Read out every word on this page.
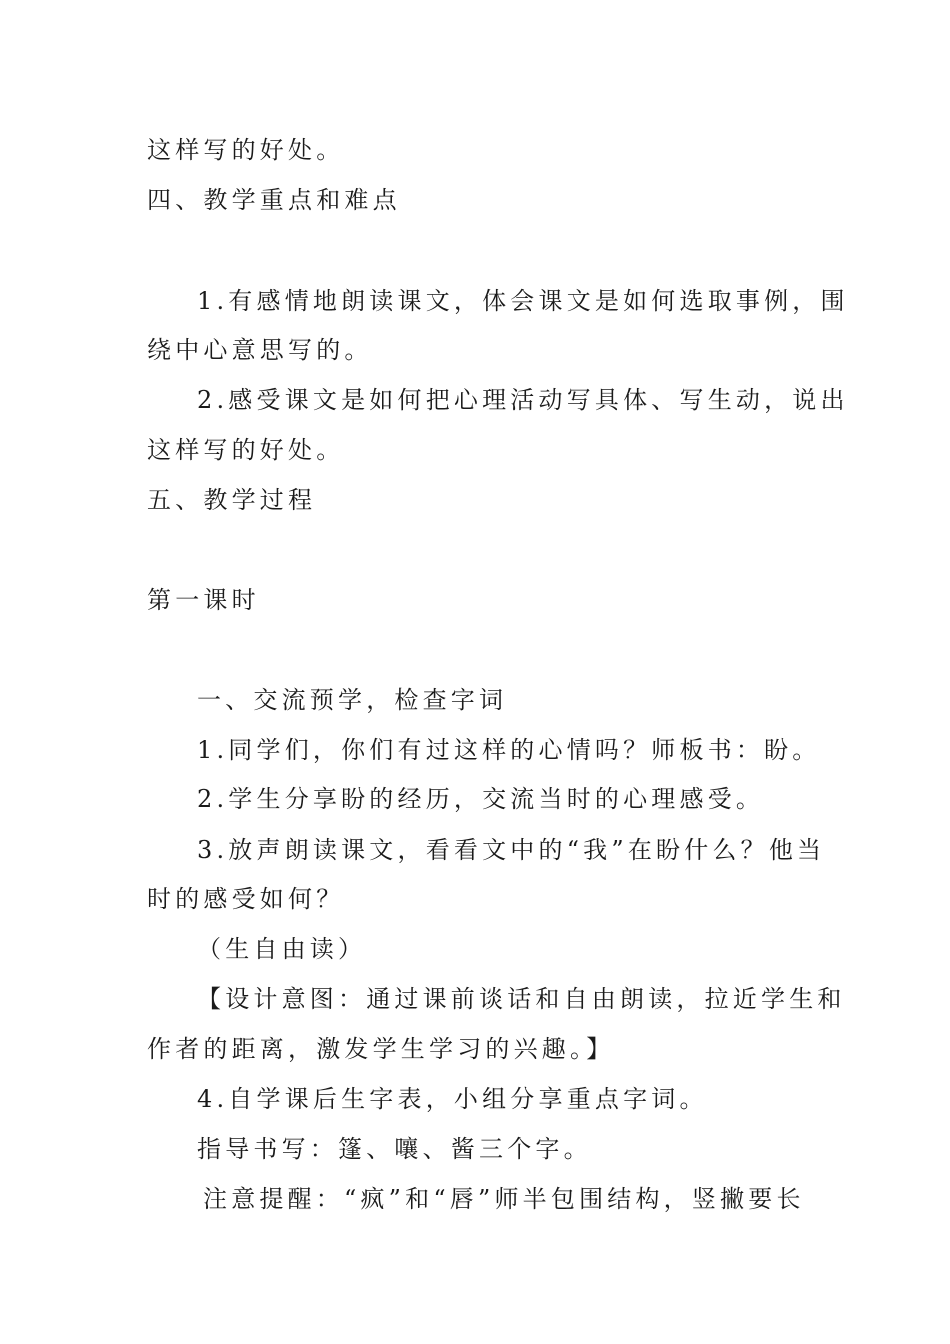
这样写的好处。
四、教学重点和难点
1.有感情地朗读课文，体会课文是如何选取事例，围
绕中心意思写的。
2.感受课文是如何把心理活动写具体、写生动，说出
这样写的好处。
五、教学过程
第一课时
一、交流预学，检查字词
1.同学们，你们有过这样的心情吗？师板书：盼。
2.学生分享盼的经历，交流当时的心理感受。
3.放声朗读课文，看看文中的“我”在盼什么？他当
时的感受如何？
（生自由读）
【设计意图：通过课前谈话和自由朗读，拉近学生和
作者的距离，激发学生学习的兴趣。】
4.自学课后生字表，小组分享重点字词。
指导书写：篷、嚷、酱三个字。
注意提醒：“疯”和“唇”师半包围结构，竖撇要长
